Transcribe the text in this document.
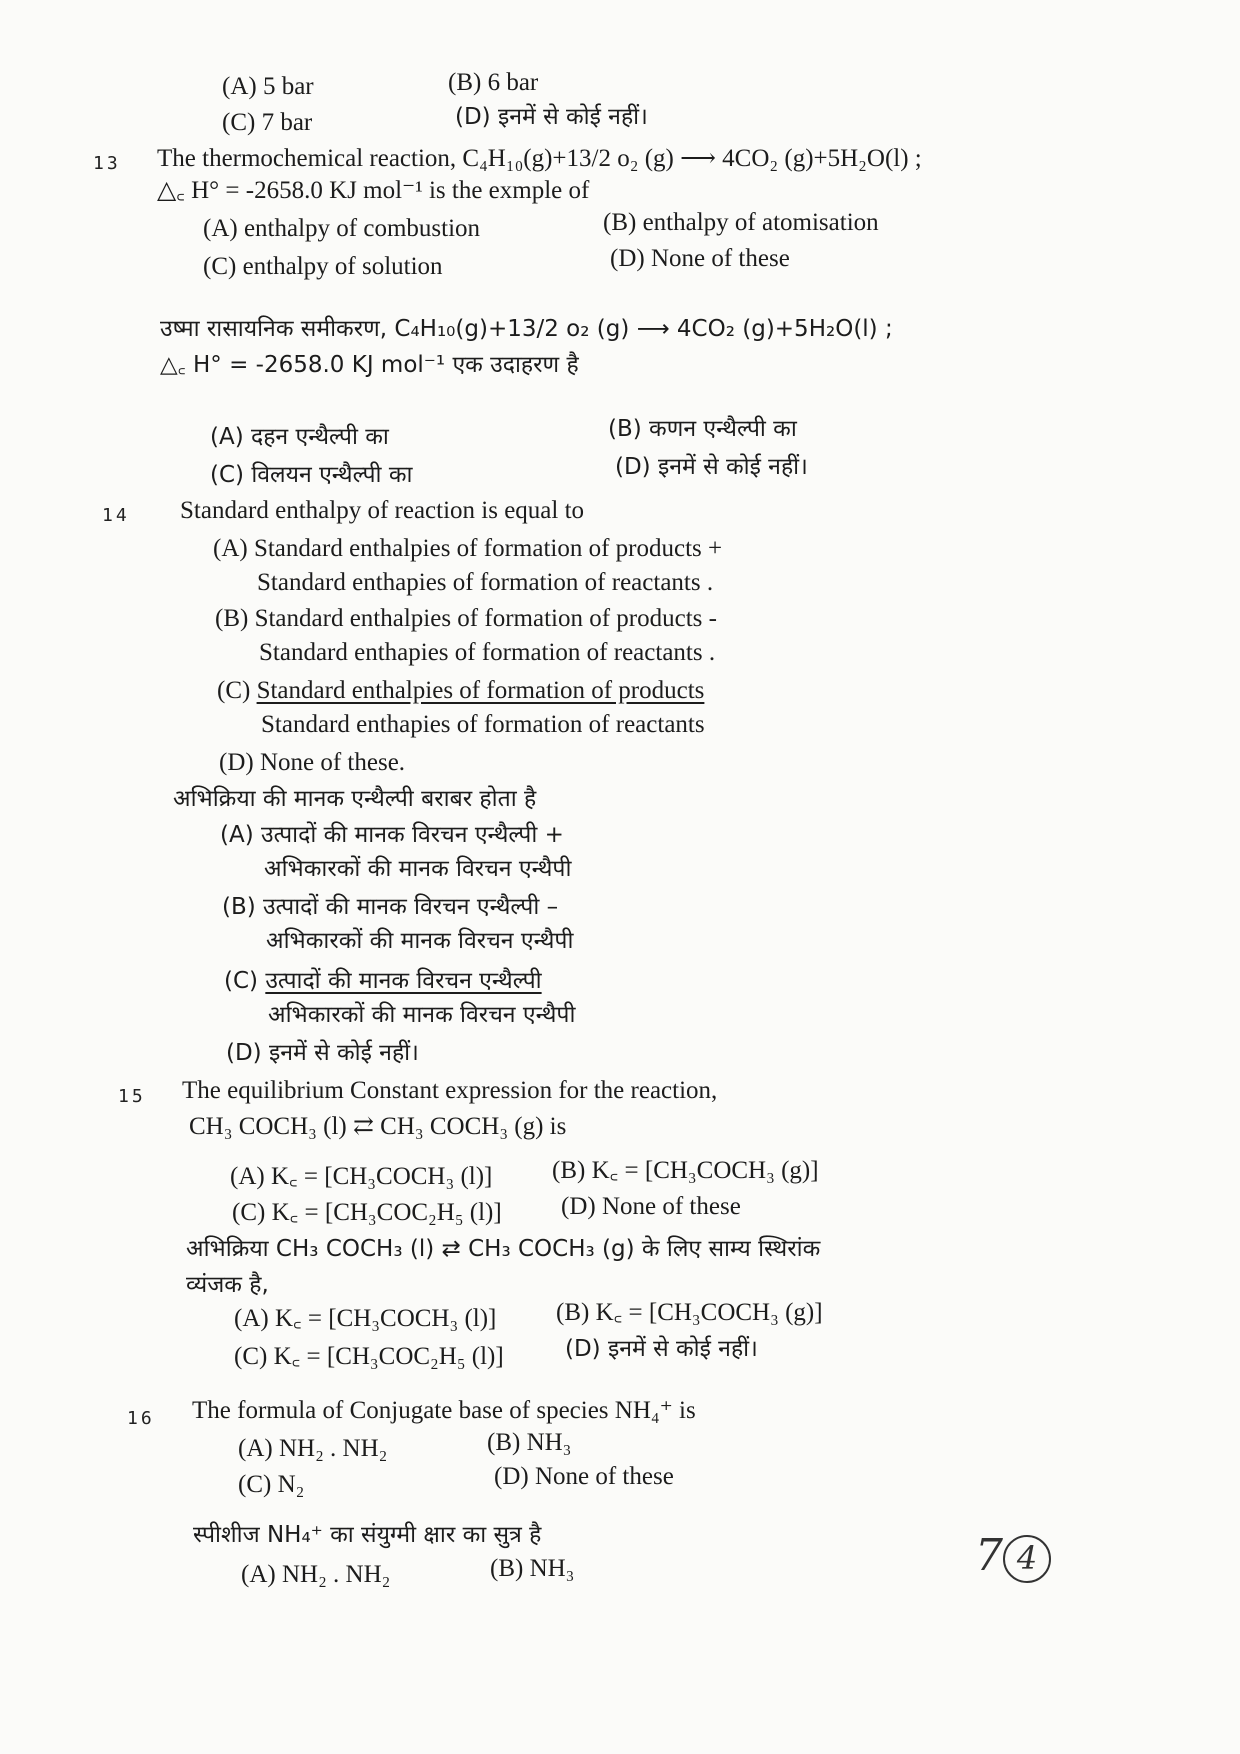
(A) 5 bar	(B) 6 bar
(C) 7 bar	(D) इनमें से कोई नहीं।
13 The thermochemical reaction, C₄H₁₀(g)+13/2 o₂ (g) ⟶ 4CO₂ (g)+5H₂O(l) ;
△꜀ H° = -2658.0 KJ mol⁻¹ is the exmple of
(A) enthalpy of combustion	(B) enthalpy of atomisation
(C) enthalpy of solution	(D) None of these
उष्मा रासायनिक समीकरण, C₄H₁₀(g)+13/2 o₂ (g) ⟶ 4CO₂ (g)+5H₂O(l) ;
△꜀ H° = -2658.0 KJ mol⁻¹ एक उदाहरण है
(A) दहन एन्थैल्पी का	(B) कणन एन्थैल्पी का
(C) विलयन एन्थैल्पी का	(D) इनमें से कोई नहीं।
14 Standard enthalpy of reaction is equal to
(A) Standard enthalpies of formation of products +
Standard enthapies of formation of reactants .
(B) Standard enthalpies of formation of products -
Standard enthapies of formation of reactants .
(C) Standard enthalpies of formation of products
Standard enthapies of formation of reactants
(D) None of these.
अभिक्रिया की मानक एन्थैल्पी बराबर होता है
(A) उत्पादों की मानक विरचन एन्थैल्पी +
अभिकारकों की मानक विरचन एन्थैपी
(B) उत्पादों की मानक विरचन एन्थैल्पी –
अभिकारकों की मानक विरचन एन्थैपी
(C) उत्पादों की मानक विरचन एन्थैल्पी
अभिकारकों की मानक विरचन एन्थैपी
(D) इनमें से कोई नहीं।
15 The equilibrium Constant expression for the reaction,
CH₃ COCH₃ (l) ⇄ CH₃ COCH₃ (g) is
(A) K꜀ = [CH₃COCH₃ (l)] (B) K꜀ = [CH₃COCH₃ (g)]
(C) K꜀ = [CH₃COC₂H₅ (l)] (D) None of these
अभिक्रिया CH₃ COCH₃ (l) ⇄ CH₃ COCH₃ (g) के लिए साम्य स्थिरांक
व्यंजक है,
(A) K꜀ = [CH₃COCH₃ (l)] (B) K꜀ = [CH₃COCH₃ (g)]
(C) K꜀ = [CH₃COC₂H₅ (l)]	(D) इनमें से कोई नहीं।
16 The formula of Conjugate base of species NH₄⁺ is
(A) NH₂ . NH₂	(B) NH₃
(C) N₂	(D) None of these
स्पीशीज NH₄⁺ का संयुग्मी क्षार का सुत्र है
(A) NH₂ . NH₂	(B) NH₃	7 4
